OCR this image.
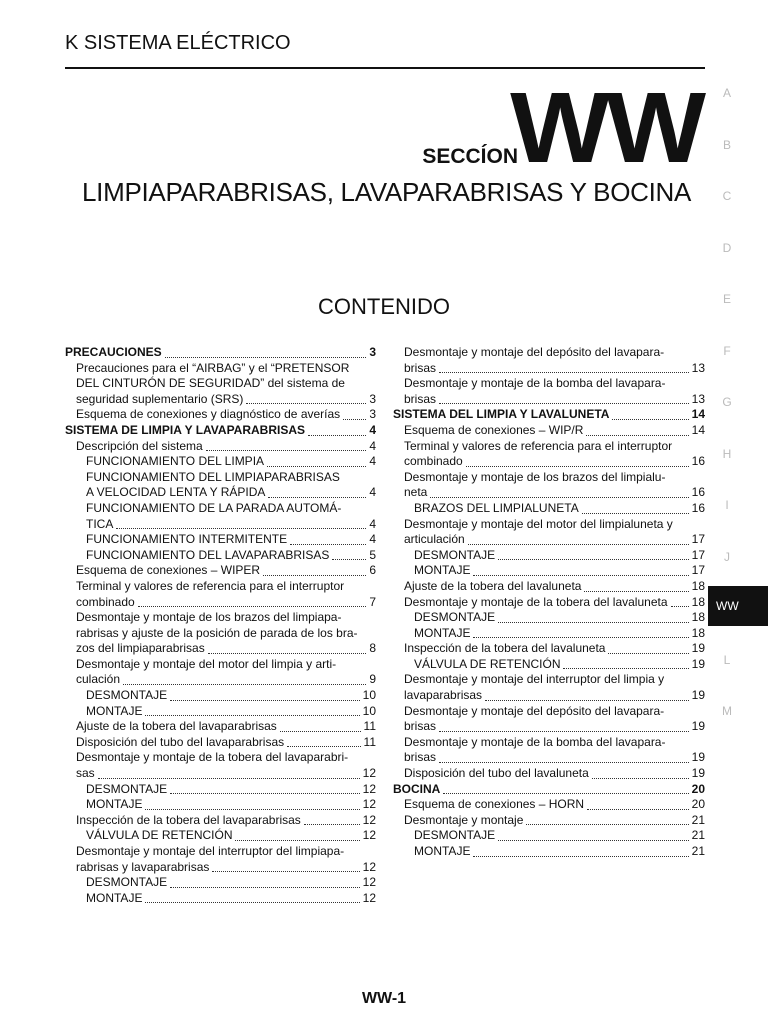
K SISTEMA ELÉCTRICO
SECCÍON
WW
LIMPIAPARABRISAS, LAVAPARABRISAS Y BOCINA
CONTENIDO
PRECAUCIONES	3
Precauciones para el “AIRBAG” y el “PRETENSOR
DEL CINTURÓN DE SEGURIDAD” del sistema de
seguridad suplementario (SRS)	3
Esquema de conexiones y diagnóstico de averías 3
SISTEMA DE LIMPIA Y LAVAPARABRISAS	4
Descripción del sistema	4
FUNCIONAMIENTO DEL LIMPIA	4
FUNCIONAMIENTO DEL LIMPIAPARABRISAS
A VELOCIDAD LENTA Y RÁPIDA	4
FUNCIONAMIENTO DE LA PARADA AUTOMÁ-
TICA	4
FUNCIONAMIENTO INTERMITENTE	4
FUNCIONAMIENTO DEL LAVAPARABRISAS	5
Esquema de conexiones – WIPER	6
Terminal y valores de referencia para el interruptor
combinado	7
Desmontaje y montaje de los brazos del limpiapa-
rabrisas y ajuste de la posición de parada de los bra-
zos del limpiaparabrisas	8
Desmontaje y montaje del motor del limpia y arti-
culación	9
DESMONTAJE	10
MONTAJE	10
Ajuste de la tobera del lavaparabrisas	11
Disposición del tubo del lavaparabrisas	11
Desmontaje y montaje de la tobera del lavaparabri-
sas	12
DESMONTAJE	12
MONTAJE	12
Inspección de la tobera del lavaparabrisas	12
VÁLVULA DE RETENCIÓN	12
Desmontaje y montaje del interruptor del limpiapa-
rabrisas y lavaparabrisas	12
DESMONTAJE	12
MONTAJE	12
Desmontaje y montaje del depósito del lavapara-
brisas	13
Desmontaje y montaje de la bomba del lavapara-
brisas	13
SISTEMA DEL LIMPIA Y LAVALUNETA	14
Esquema de conexiones – WIP/R	14
Terminal y valores de referencia para el interruptor
combinado	16
Desmontaje y montaje de los brazos del limpialu-
neta	16
BRAZOS DEL LIMPIALUNETA	16
Desmontaje y montaje del motor del limpialuneta y
articulación	17
DESMONTAJE	17
MONTAJE	17
Ajuste de la tobera del lavaluneta	18
Desmontaje y montaje de la tobera del lavaluneta 18
DESMONTAJE	18
MONTAJE	18
Inspección de la tobera del lavaluneta	19
VÁLVULA DE RETENCIÓN	19
Desmontaje y montaje del interruptor del limpia y
lavaparabrisas	19
Desmontaje y montaje del depósito del lavapara-
brisas	19
Desmontaje y montaje de la bomba del lavapara-
brisas	19
Disposición del tubo del lavaluneta	19
BOCINA	20
Esquema de conexiones – HORN	20
Desmontaje y montaje	21
DESMONTAJE	21
MONTAJE	21
A
B
C
D
E
F
G
H
I
J
L
M
WW
WW-1
